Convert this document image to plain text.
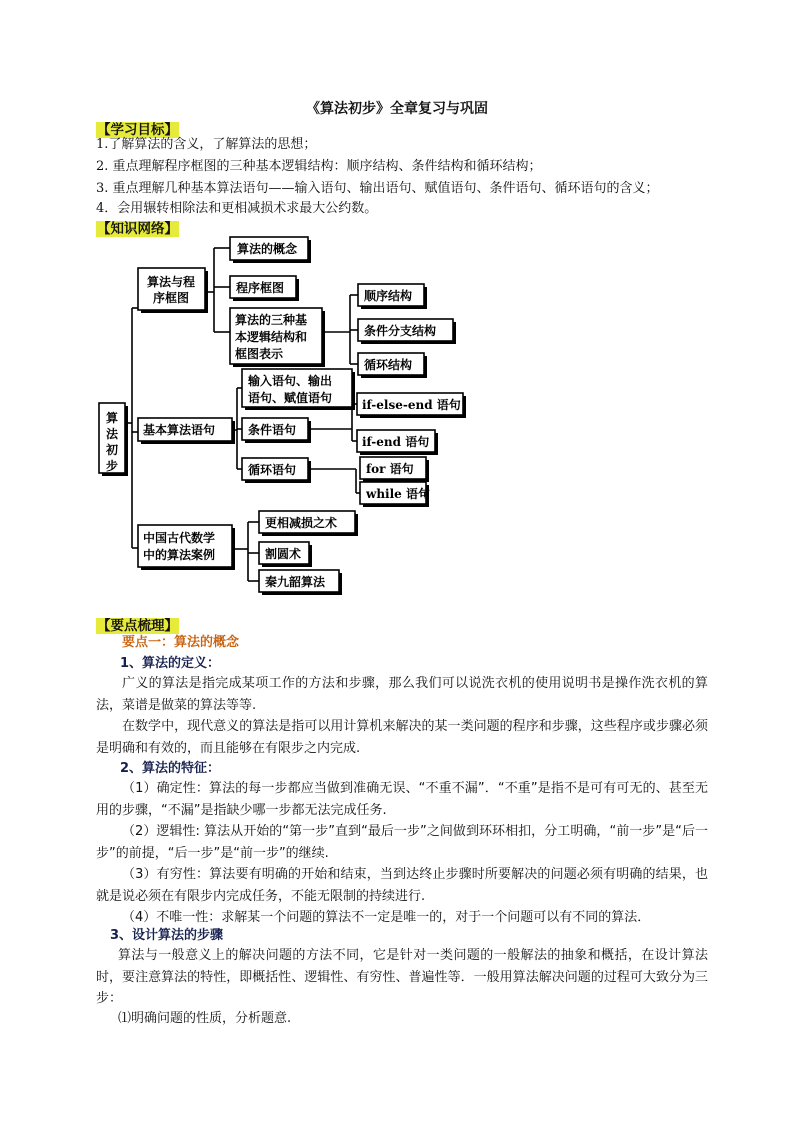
《算法初步》全章复习与巩固
【学习目标】
1.了解算法的含义，了解算法的思想；
2. 重点理解程序框图的三种基本逻辑结构：顺序结构、条件结构和循环结构；
3. 重点理解几种基本算法语句——输入语句、输出语句、赋值语句、条件语句、循环语句的含义；
4．会用辗转相除法和更相减损术求最大公约数。
【知识网络】
算
法
初
步
算法与程
序框图
算法的概念
程序框图
算法的三种基
本逻辑结构和
框图表示
顺序结构
条件分支结构
循环结构
基本算法语句
输入语句、输出
语句、赋值语句
条件语句
循环语句
if-else-end 语句
if-end 语句
for 语句
while 语句
中国古代数学
中的算法案例
更相减损之术
割圆术
秦九韶算法
【要点梳理】
要点一：算法的概念
1、算法的定义：
广义的算法是指完成某项工作的方法和步骤，那么我们可以说洗衣机的使用说明书是操作洗衣机的算法，菜谱是做菜的算法等等.
在数学中，现代意义的算法是指可以用计算机来解决的某一类问题的程序和步骤，这些程序或步骤必须是明确和有效的，而且能够在有限步之内完成.
2、算法的特征：
（1）确定性：算法的每一步都应当做到准确无误、“不重不漏”．“不重”是指不是可有可无的、甚至无用的步骤，“不漏”是指缺少哪一步都无法完成任务.
（2）逻辑性: 算法从开始的“第一步”直到“最后一步”之间做到环环相扣，分工明确，“前一步”是“后一步”的前提，“后一步”是“前一步”的继续.
（3）有穷性：算法要有明确的开始和结束，当到达终止步骤时所要解决的问题必须有明确的结果，也就是说必须在有限步内完成任务，不能无限制的持续进行.
（4）不唯一性：求解某一个问题的算法不一定是唯一的，对于一个问题可以有不同的算法．
3、设计算法的步骤
算法与一般意义上的解决问题的方法不同，它是针对一类问题的一般解法的抽象和概括，在设计算法时，要注意算法的特性，即概括性、逻辑性、有穷性、普遍性等．一般用算法解决问题的过程可大致分为三步：
⑴明确问题的性质，分析题意.
